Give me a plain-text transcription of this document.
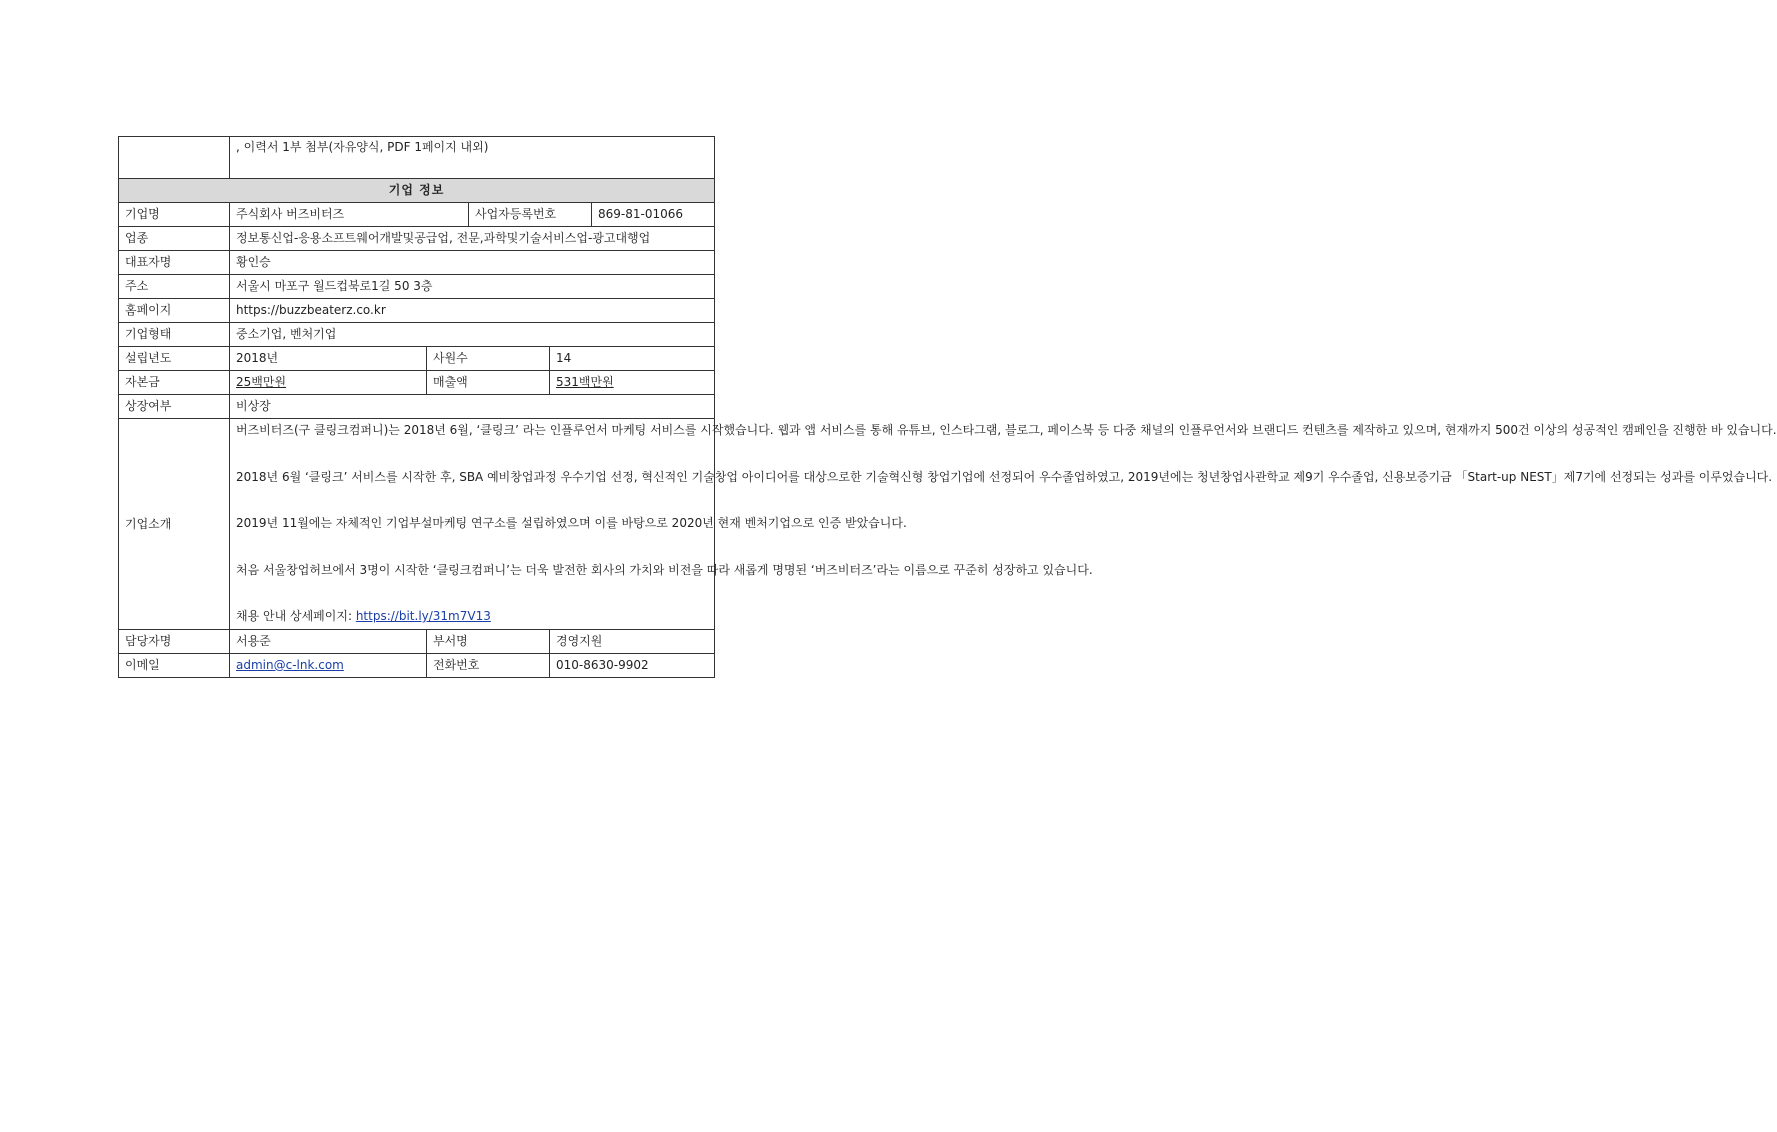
	, 이력서 1부 첨부(자유양식, PDF 1페이지 내외)				
기업 정보					
기업명	주식회사 버즈비터즈		사업자등록번호		869-81-01066
업종	정보통신업-응용소프트웨어개발및공급업, 전문,과학및기술서비스업-광고대행업				
대표자명	황인승				
주소	서울시 마포구 월드컵북로1길 50 3층				
홈페이지	https://buzzbeaterz.co.kr				
기업형태	중소기업, 벤처기업				
설립년도	2018년	사원수		14	
자본금	25백만원	매출액		531백만원	
상장여부	비상장				
기업소개	버즈비터즈(구 클링크컴퍼니)는 2018년 6월, ‘클링크’ 라는 인플루언서 마케팅 서비스를 시작했습니다. 웹과 앱 서비스를 통해 유튜브, 인스타그램, 블로그, 페이스북 등 다중 채널의 인플루언서와 브랜디드 컨텐츠를 제작하고 있으며, 현재까지 500건 이상의 성공적인 캠페인을 진행한 바 있습니다.

2018년 6월 ‘클링크’ 서비스를 시작한 후, SBA 예비창업과정 우수기업 선정, 혁신적인 기술창업 아이디어를 대상으로한 기술혁신형 창업기업에 선정되어 우수졸업하였고, 2019년에는 청년창업사관학교 제9기 우수졸업, 신용보증기금 「Start-up NEST」제7기에 선정되는 성과를 이루었습니다.

2019년 11월에는 자체적인 기업부설마케팅 연구소를 설립하였으며 이를 바탕으로 2020년 현재 벤처기업으로 인증 받았습니다.

처음 서울창업허브에서 3명이 시작한 ‘클링크컴퍼니’는 더욱 발전한 회사의 가치와 비전을 따라 새롭게 명명된 ‘버즈비터즈’라는 이름으로 꾸준히 성장하고 있습니다.

채용 안내 상세페이지: https://bit.ly/31m7V13				

담당자명	서용준	부서명		경영지원	
이메일	admin@c-lnk.com	전화번호		010-8630-9902	
